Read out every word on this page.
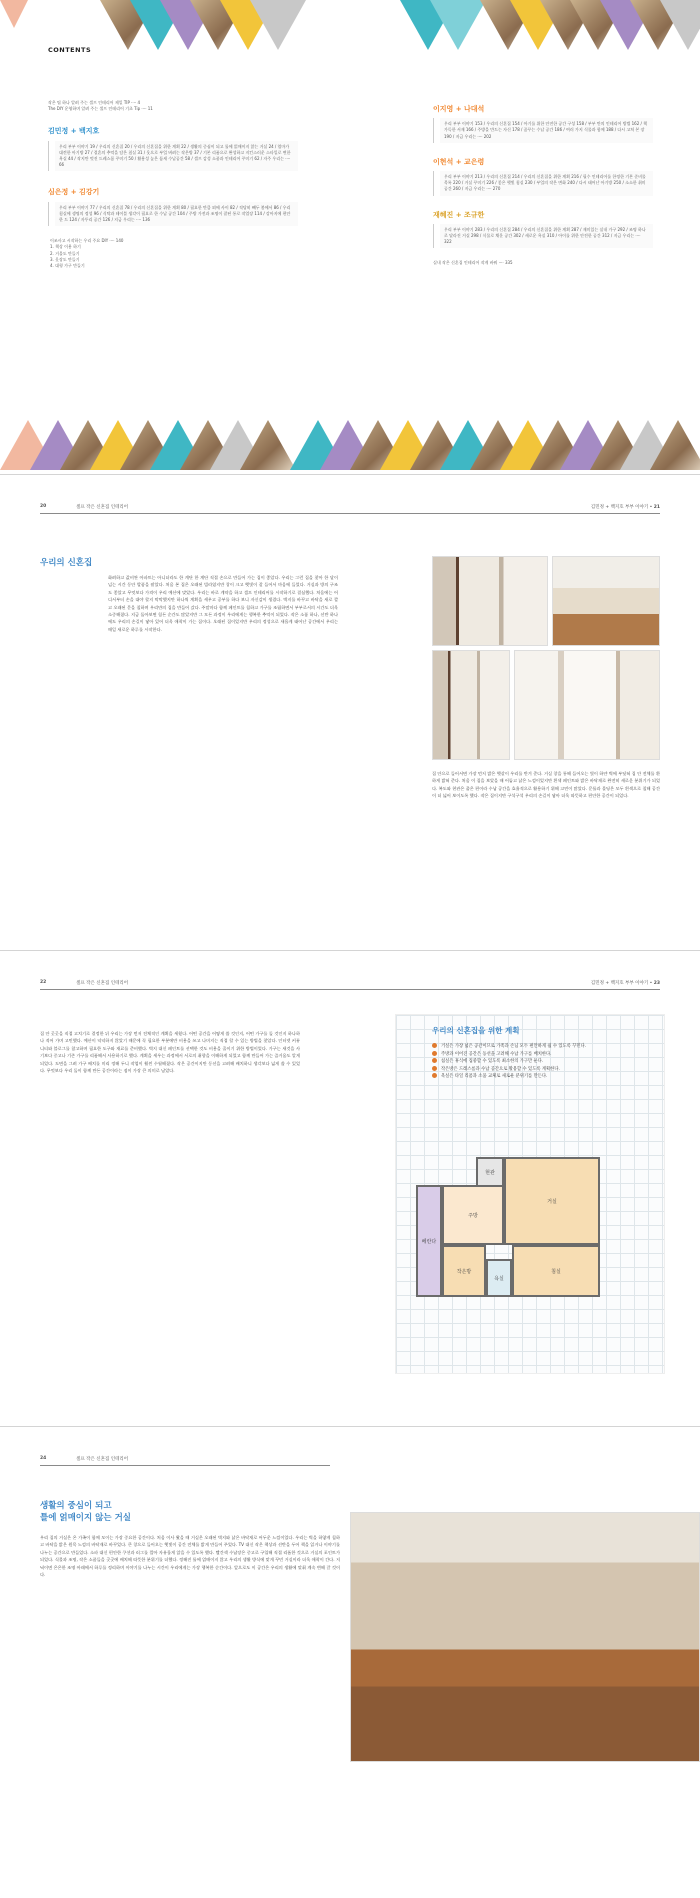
CONTENTS
작은 팁 하나 알려 주는 셀프 인테리어 제일 TIP ···· 4
The DIY 운영하며 알려 주는 셀프 인테리어 기초 Tip ···· 11
김민정 + 백지호
우리 부부 이야기 19 / 우리의 신혼집 20 / 우리의 신혼집을 위한 계획 22 / 생활의 중심이 되고 툴에 얽매이지 않는 거실 24 / 엄마가 대견한 아기방 27 / 결혼의 추억을 담은 침실 31 / 옷으로 부엌 버려는 작은방 37 / 기본 리폼으로 완성하고 지킨스러운 스타일로 변한 욕실 44 / 작지만 멋진 드레스룸 꾸미기 50 / 활용성 높은 틈새 수납공간 58 / 셀프 감성 소품과 인테리어 꾸미기 62 / 자주 우리는 ···· 66
심은정 + 김강기
우리 부부 이야기 77 / 우리의 신혼집 78 / 우리의 신혼집을 위한 계획 80 / 필요한 만큼 외에 사이 82 / 적당히 빼두 봄에서 86 / 우리 침실에 생명의 정성 96 / 식탁과 테이블 생각이 필요로 한 수납 공간 104 / 주방 가전과 조명이 잘된 통로 작업장 114 / 강아지에 편안한 드 124 / 자투리 공간 126 / 지금 우리는 ···· 136
이조사고 시작하는 우리 주요 DIY ···· 140
1. 책상 이용 하기
2. 거울도 만들기
3. 옷장도 만들기
4. 대형 가구 만들기
이지영 + 나대석
우리 부부 이야기 153 / 우리의 신혼집 154 / 아기를 위한 안전한 공간 구성 158 / 부부 만의 인테리어 방법 162 / 책 가득한 서재 166 / 주방을 만드는 자신 178 / 꿈꾸는 수납 공간 186 / 여러 가지 식물과 함께 188 / 다시 고쳐 본 장 190 / 지금 우리는 ···· 202
이현석 + 교은령
우리 부부 이야기 213 / 우리의 신혼집 214 / 우리의 신혼집을 위한 계획 216 / 필수 인테리어를 한정한 기본 준비물 목록 220 / 거실 꾸미기 226 / 좋은 햇빛 침실 230 / 부엌의 작은 변화 240 / 다시 태어난 아기방 250 / 소소한 취미 공간 260 / 지금 우리는 ···· 270
재혜진 + 조규한
우리 부부 이야기 283 / 우리의 신혼집 284 / 우리의 신혼집을 위한 계획 287 / 재미있는 실내 가구 292 / 조명 하나로 달라진 거실 298 / 식물로 채운 공간 302 / 새로운 욕실 310 / 아이를 위한 안전한 공간 312 / 지금 우리는 ···· 322
실내 작은 신혼집 인테리어 작게 바꿔 ···· 335
20	셀프 작은 신혼집 인테리어	김민정 + 백지호 부부 이야기 • 21
우리의 신혼집
화려하고 값비싼 아파트는 아니더라도 한 계단 한 계단 직접 손으로 만들어 가는 집이 좋았다. 우리는 그런 집을 찾아 한 달이 넘는 시간 동안 발품을 팔았다. 처음 본 집은 오래된 빌라였지만 창이 크고 햇빛이 잘 들어서 마음에 들었다. 거실과 방의 구조도 좋았고 무엇보다 가격이 우리 예산에 맞았다. 우리는 바로 계약을 하고 셀프 인테리어를 시작하기로 결심했다. 처음에는 어디서부터 손을 대야 할지 막막했지만 하나씩 계획을 세우고 공부를 하다 보니 자신감이 생겼다. 벽지를 바꾸고 바닥을 새로 깔고 오래된 문을 칠하며 우리만의 집을 만들어 갔다. 주말마다 함께 페인트를 칠하고 가구를 조립하면서 부부로서의 시간도 더욱 소중해졌다. 지금 돌아보면 힘든 순간도 많았지만 그 모든 과정이 우리에게는 행복한 추억이 되었다. 작은 소품 하나, 선반 하나에도 우리의 손길이 닿아 있어 더욱 애착이 가는 집이다. 오래된 집이었지만 우리의 정성으로 새롭게 태어난 공간에서 우리는 매일 새로운 하루를 시작한다.
집 안으로 들어서면 가장 먼저 밝은 햇살이 우리를 반겨 준다. 거실 창을 통해 들어오는 빛이 하얀 벽에 부딪혀 집 안 전체를 환하게 밝혀 준다. 처음 이 집을 보았을 때 어둡고 낡은 느낌이었지만 흰색 페인트와 밝은 바닥재로 완전히 새로운 분위기가 되었다. 복도와 현관은 좁은 편이라 수납 공간을 효율적으로 활용하기 위해 고민이 많았다. 문틀과 몰딩은 모두 흰색으로 칠해 공간이 더 넓어 보이도록 했다. 작은 집이지만 구석구석 우리의 손길이 닿아 더욱 따뜻하고 편안한 공간이 되었다.
22	셀프 작은 신혼집 인테리어	김민정 + 백지호 부부 이야기 • 23
집 안 곳곳을 직접 고치기로 결정한 뒤 우리는 가장 먼저 전체적인 계획을 세웠다. 어떤 공간을 어떻게 쓸 것인지, 어떤 가구를 둘 것인지 하나하나 적어 가며 고민했다. 예산이 넉넉하지 않았기 때문에 꼭 필요한 부분에만 비용을 쓰고 나머지는 직접 할 수 있는 방법을 찾았다. 인터넷 커뮤니티와 블로그를 참고하며 필요한 도구와 재료를 준비했다. 벽지 대신 페인트를 선택한 것도 비용을 줄이기 위한 방법이었다. 가구는 새것을 사기보다 중고나 기존 가구를 리폼해서 사용하기로 했다. 계획을 세우는 과정에서 서로의 취향을 이해하게 되었고 함께 만들어 가는 즐거움도 알게 되었다. 도면을 그려 가구 배치를 미리 정해 두니 작업이 훨씬 수월해졌다. 작은 공간이지만 동선을 고려해 배치하니 생각보다 넓게 쓸 수 있었다. 무엇보다 우리 둘이 함께 만든 공간이라는 점이 가장 큰 의미로 남았다.
우리의 신혼집을 위한 계획
거실은 가장 넓은 공간이므로 가족과 손님 모두 편안하게 쉴 수 있도록 꾸민다.
주방과 이어진 공간은 동선을 고려해 수납 가구를 배치한다.
침실은 휴식에 집중할 수 있도록 최소한의 가구만 둔다.
작은방은 드레스룸과 수납 공간으로 활용할 수 있도록 계획한다.
욕실은 타일 리폼과 소품 교체로 새로운 분위기를 만든다.
베란다
현관
주방
거실
작은방
욕실
침실
24	셀프 작은 신혼집 인테리어
생활의 중심이 되고
틀에 얽매이지 않는 거실
우리 집의 거실은 온 가족이 함께 모이는 가장 중요한 공간이다. 처음 이사 왔을 때 거실은 오래된 벽지와 낡은 바닥재로 어두운 느낌이었다. 우리는 벽을 하얗게 칠하고 바닥을 밝은 원목 느낌의 바닥재로 바꾸었다. 큰 창으로 들어오는 햇빛이 공간 전체를 밝게 만들어 주었다. TV 대신 작은 책상과 선반을 두어 책을 읽거나 이야기를 나누는 공간으로 만들었다. 소파 대신 편안한 쿠션과 러그를 깔아 자유롭게 앉을 수 있도록 했다. 빨간색 수납장은 중고로 구입해 직접 리폼한 것으로 거실의 포인트가 되었다. 식물과 조명, 작은 소품들을 곳곳에 배치해 따뜻한 분위기를 더했다. 정해진 틀에 얽매이지 않고 우리의 생활 방식에 맞게 꾸민 거실이라 더욱 애착이 간다. 저녁이면 은은한 조명 아래에서 하루를 정리하며 이야기를 나누는 시간이 우리에게는 가장 행복한 순간이다. 앞으로도 이 공간은 우리의 생활에 맞춰 계속 변해 갈 것이다.
